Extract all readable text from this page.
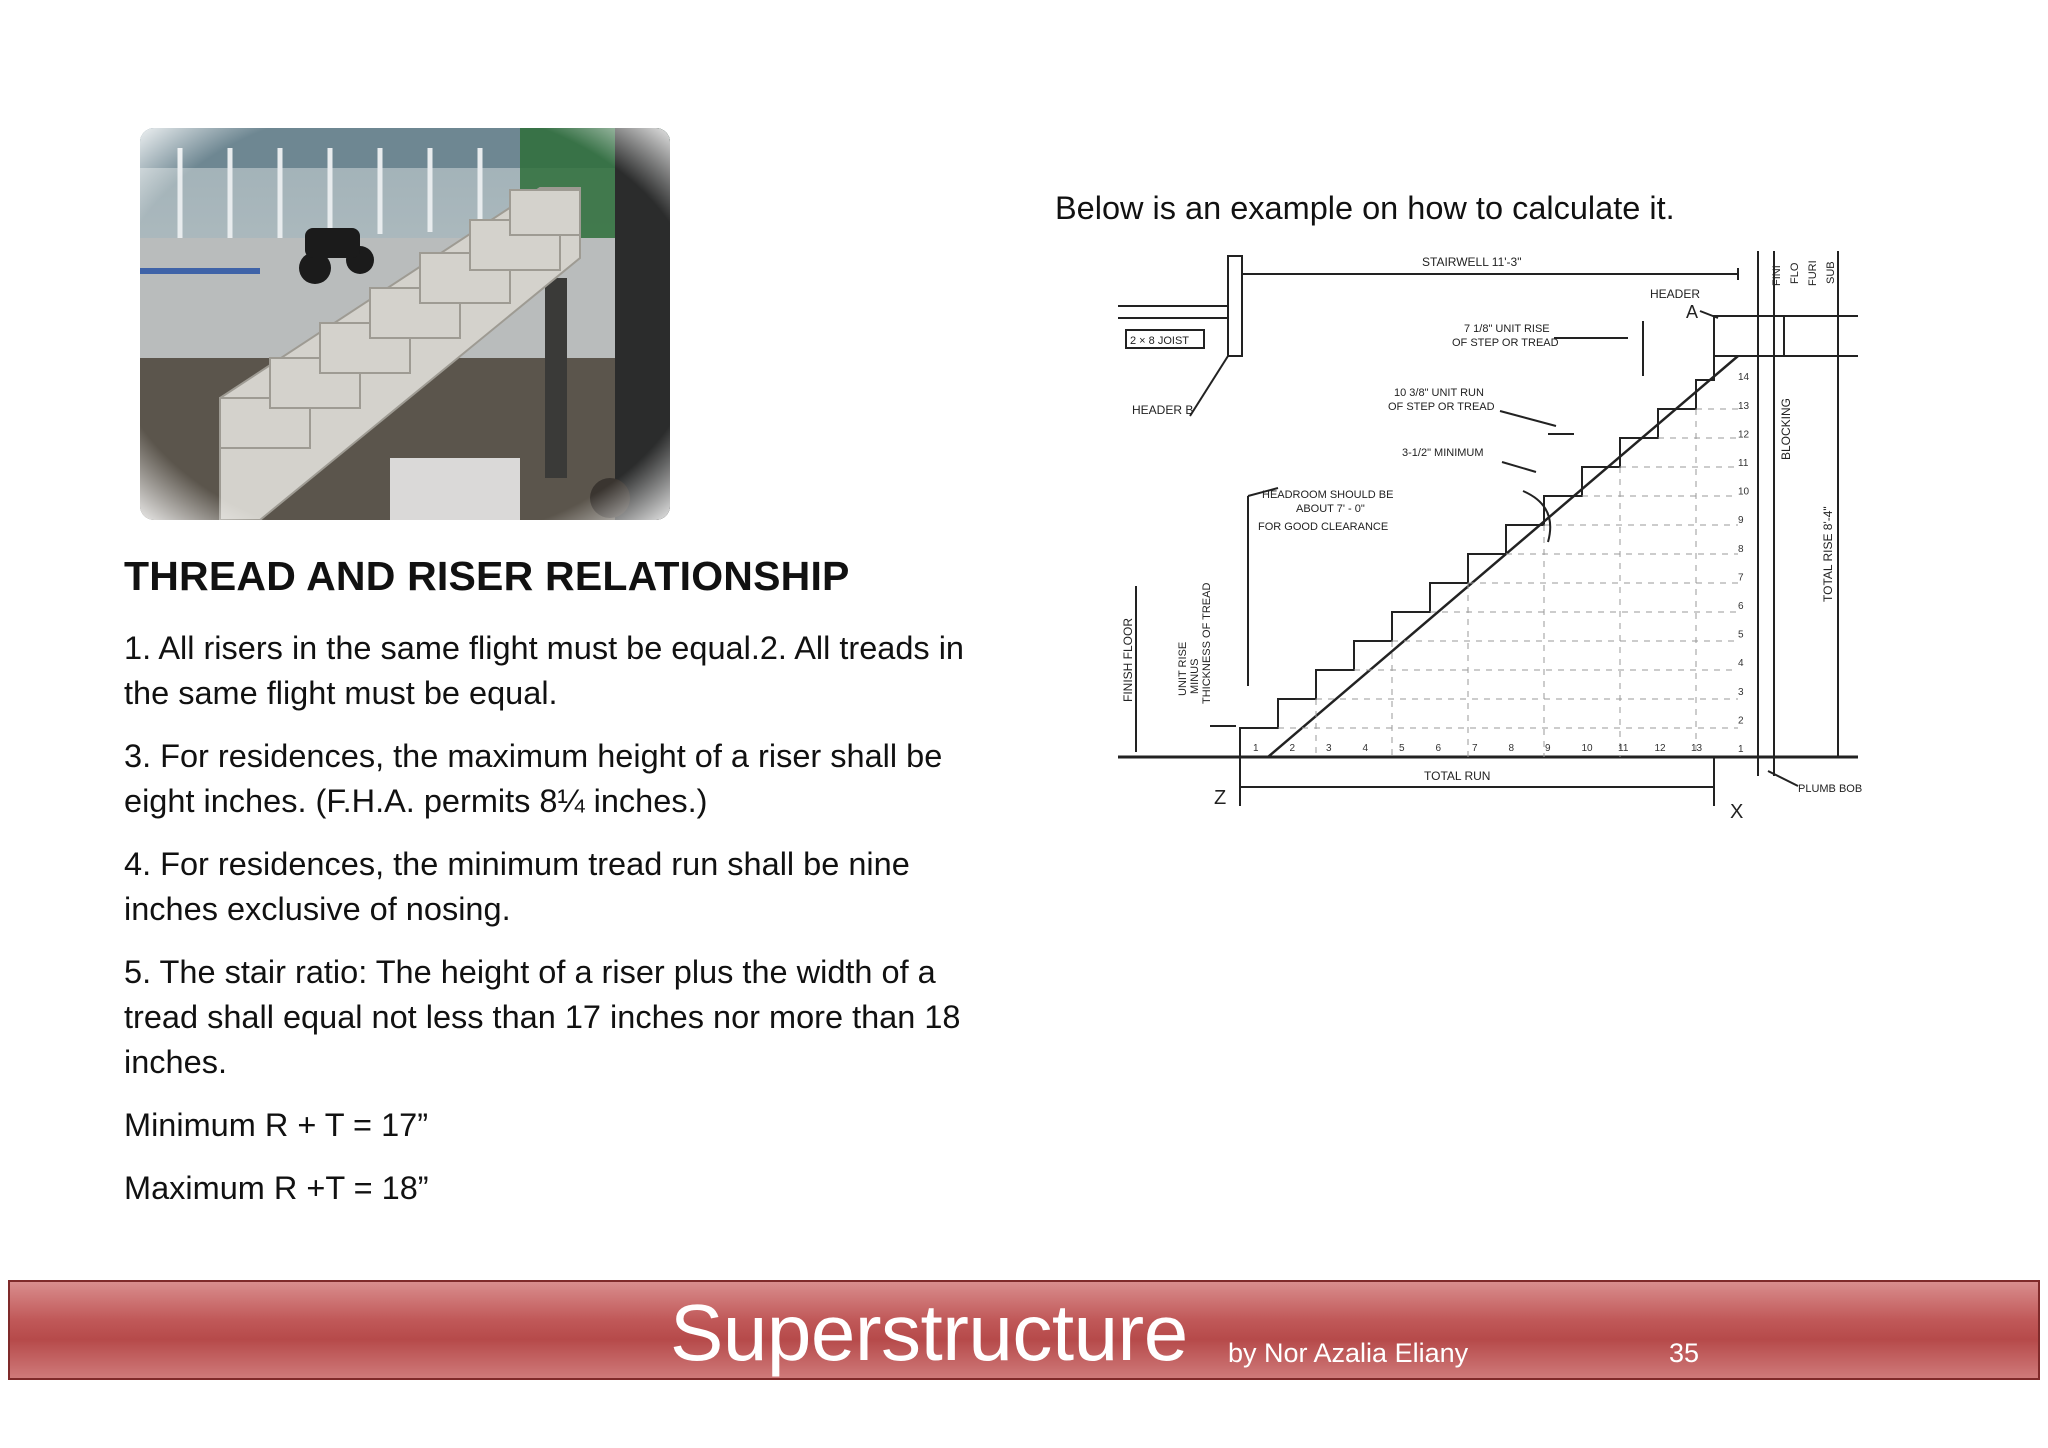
THREAD AND RISER RELATIONSHIP

1. All risers in the same flight must be equal.2. All treads in the same flight must be equal.

3. For residences, the maximum height of a riser shall be eight inches. (F.H.A. permits 8¼ inches.)

4. For residences, the minimum tread run shall be nine inches exclusive of nosing.

5. The stair ratio: The height of a riser plus the width of a tread shall equal not less than 17 inches nor more than 18 inches.

Minimum R + T = 17”

Maximum R +T = 18”

Below is an example on how to calculate it.

STAIRWELL 11'-3"
HEADER
A
2 × 8 JOIST
HEADER B
7 1/8" UNIT RISE
OF STEP OR TREAD
10 3/8" UNIT RUN
OF STEP OR TREAD
3-1/2" MINIMUM
HEADROOM SHOULD BE
ABOUT 7' - 0"
FOR GOOD CLEARANCE
FINISH FLOOR	UNIT RISE MINUS THICKNESS OF TREAD
TOTAL RUN
Z
X
PLUMB BOB
BLOCKING
TOTAL RISE 8'-4"
FINI FLO FURI SUB
1	2	3	4	5	6	7	8	9	10	11	12	13	1
2
3
4
5
6
7
8
9
10
11
12
13
14
Superstructure by Nor Azalia Eliany	35
